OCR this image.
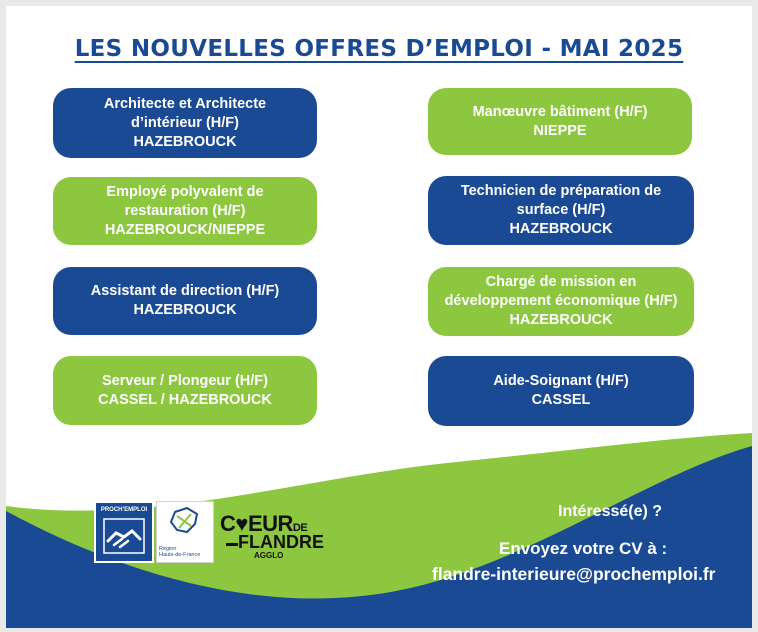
LES NOUVELLES OFFRES D’EMPLOI - MAI 2025
Architecte et Architecte
d’intérieur (H/F)
HAZEBROUCK
Manœuvre bâtiment (H/F)
NIEPPE
Employé polyvalent de
restauration (H/F)
HAZEBROUCK/NIEPPE
Technicien de préparation de
surface (H/F)
HAZEBROUCK
Assistant de direction (H/F)
HAZEBROUCK
Chargé de mission en
développement économique (H/F)
HAZEBROUCK
Serveur / Plongeur (H/F)
CASSEL / HAZEBROUCK
Aide-Soignant (H/F)
CASSEL
PROCH’EMPLOI
Région
Hauts-de-France
C♥EURDE
FLANDRE
AGGLO
Intéressé(e) ?
Envoyez votre CV à :
flandre-interieure@prochemploi.fr
